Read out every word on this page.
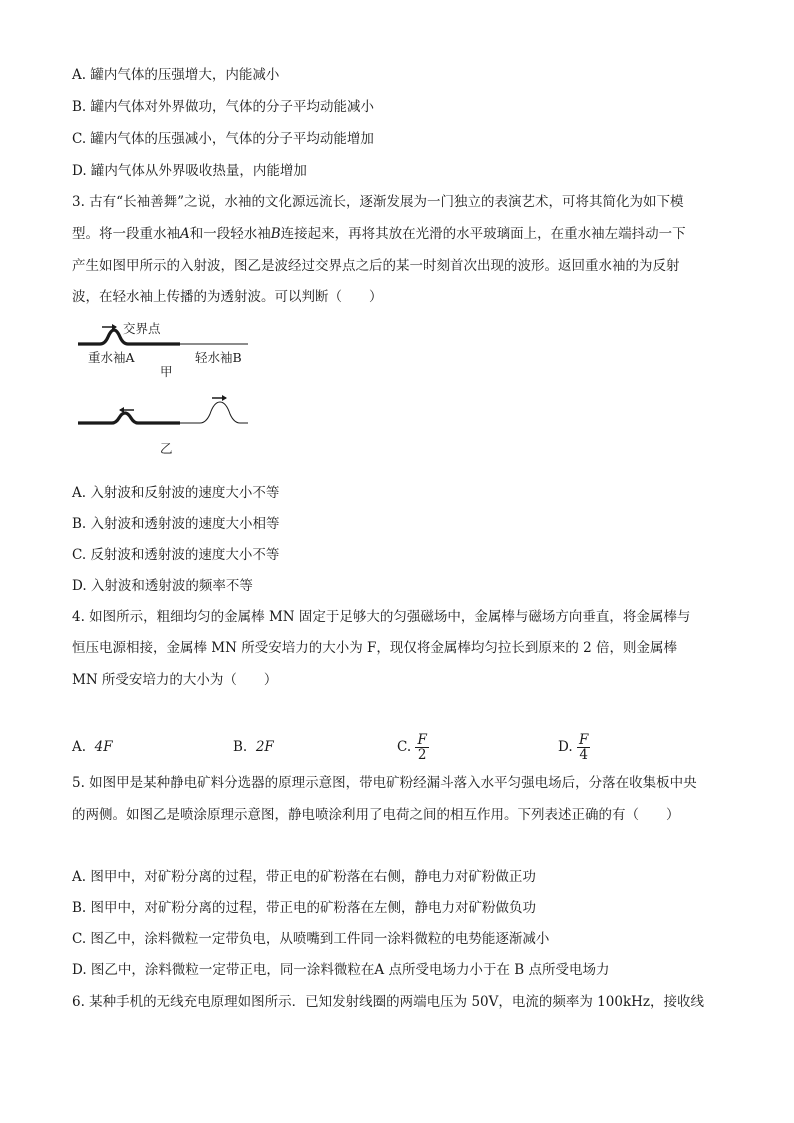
A. 罐内气体的压强增大，内能减小
B. 罐内气体对外界做功，气体的分子平均动能减小
C. 罐内气体的压强减小，气体的分子平均动能增加
D. 罐内气体从外界吸收热量，内能增加
3. 古有“长袖善舞”之说，水袖的文化源远流长，逐渐发展为一门独立的表演艺术，可将其简化为如下模
型。将一段重水袖A和一段轻水袖B连接起来，再将其放在光滑的水平玻璃面上，在重水袖左端抖动一下
产生如图甲所示的入射波，图乙是波经过交界点之后的某一时刻首次出现的波形。返回重水袖的为反射
波，在轻水袖上传播的为透射波。可以判断（　　）
交界点
重水袖A	轻水袖B
甲
乙
A. 入射波和反射波的速度大小不等
B. 入射波和透射波的速度大小相等
C. 反射波和透射波的速度大小不等
D. 入射波和透射波的频率不等
4. 如图所示，粗细均匀的金属棒 MN 固定于足够大的匀强磁场中，金属棒与磁场方向垂直，将金属棒与
恒压电源相接，金属棒 MN 所受安培力的大小为 F，现仅将金属棒均匀拉长到原来的 2 倍，则金属棒
MN 所受安培力的大小为（　　）
A. 4F	B. 2F	C. $\frac{F}{2}$	D. $\frac{F}{4}$
5. 如图甲是某种静电矿料分选器的原理示意图，带电矿粉经漏斗落入水平匀强电场后，分落在收集板中央
的两侧。如图乙是喷涂原理示意图，静电喷涂利用了电荷之间的相互作用。下列表述正确的有（　　）
A. 图甲中，对矿粉分离的过程，带正电的矿粉落在右侧，静电力对矿粉做正功
B. 图甲中，对矿粉分离的过程，带正电的矿粉落在左侧，静电力对矿粉做负功
C. 图乙中，涂料微粒一定带负电，从喷嘴到工件同一涂料微粒的电势能逐渐减小
D. 图乙中，涂料微粒一定带正电，同一涂料微粒在A 点所受电场力小于在 B 点所受电场力
6. 某种手机的无线充电原理如图所示．已知发射线圈的两端电压为 50V，电流的频率为 100kHz，接收线
